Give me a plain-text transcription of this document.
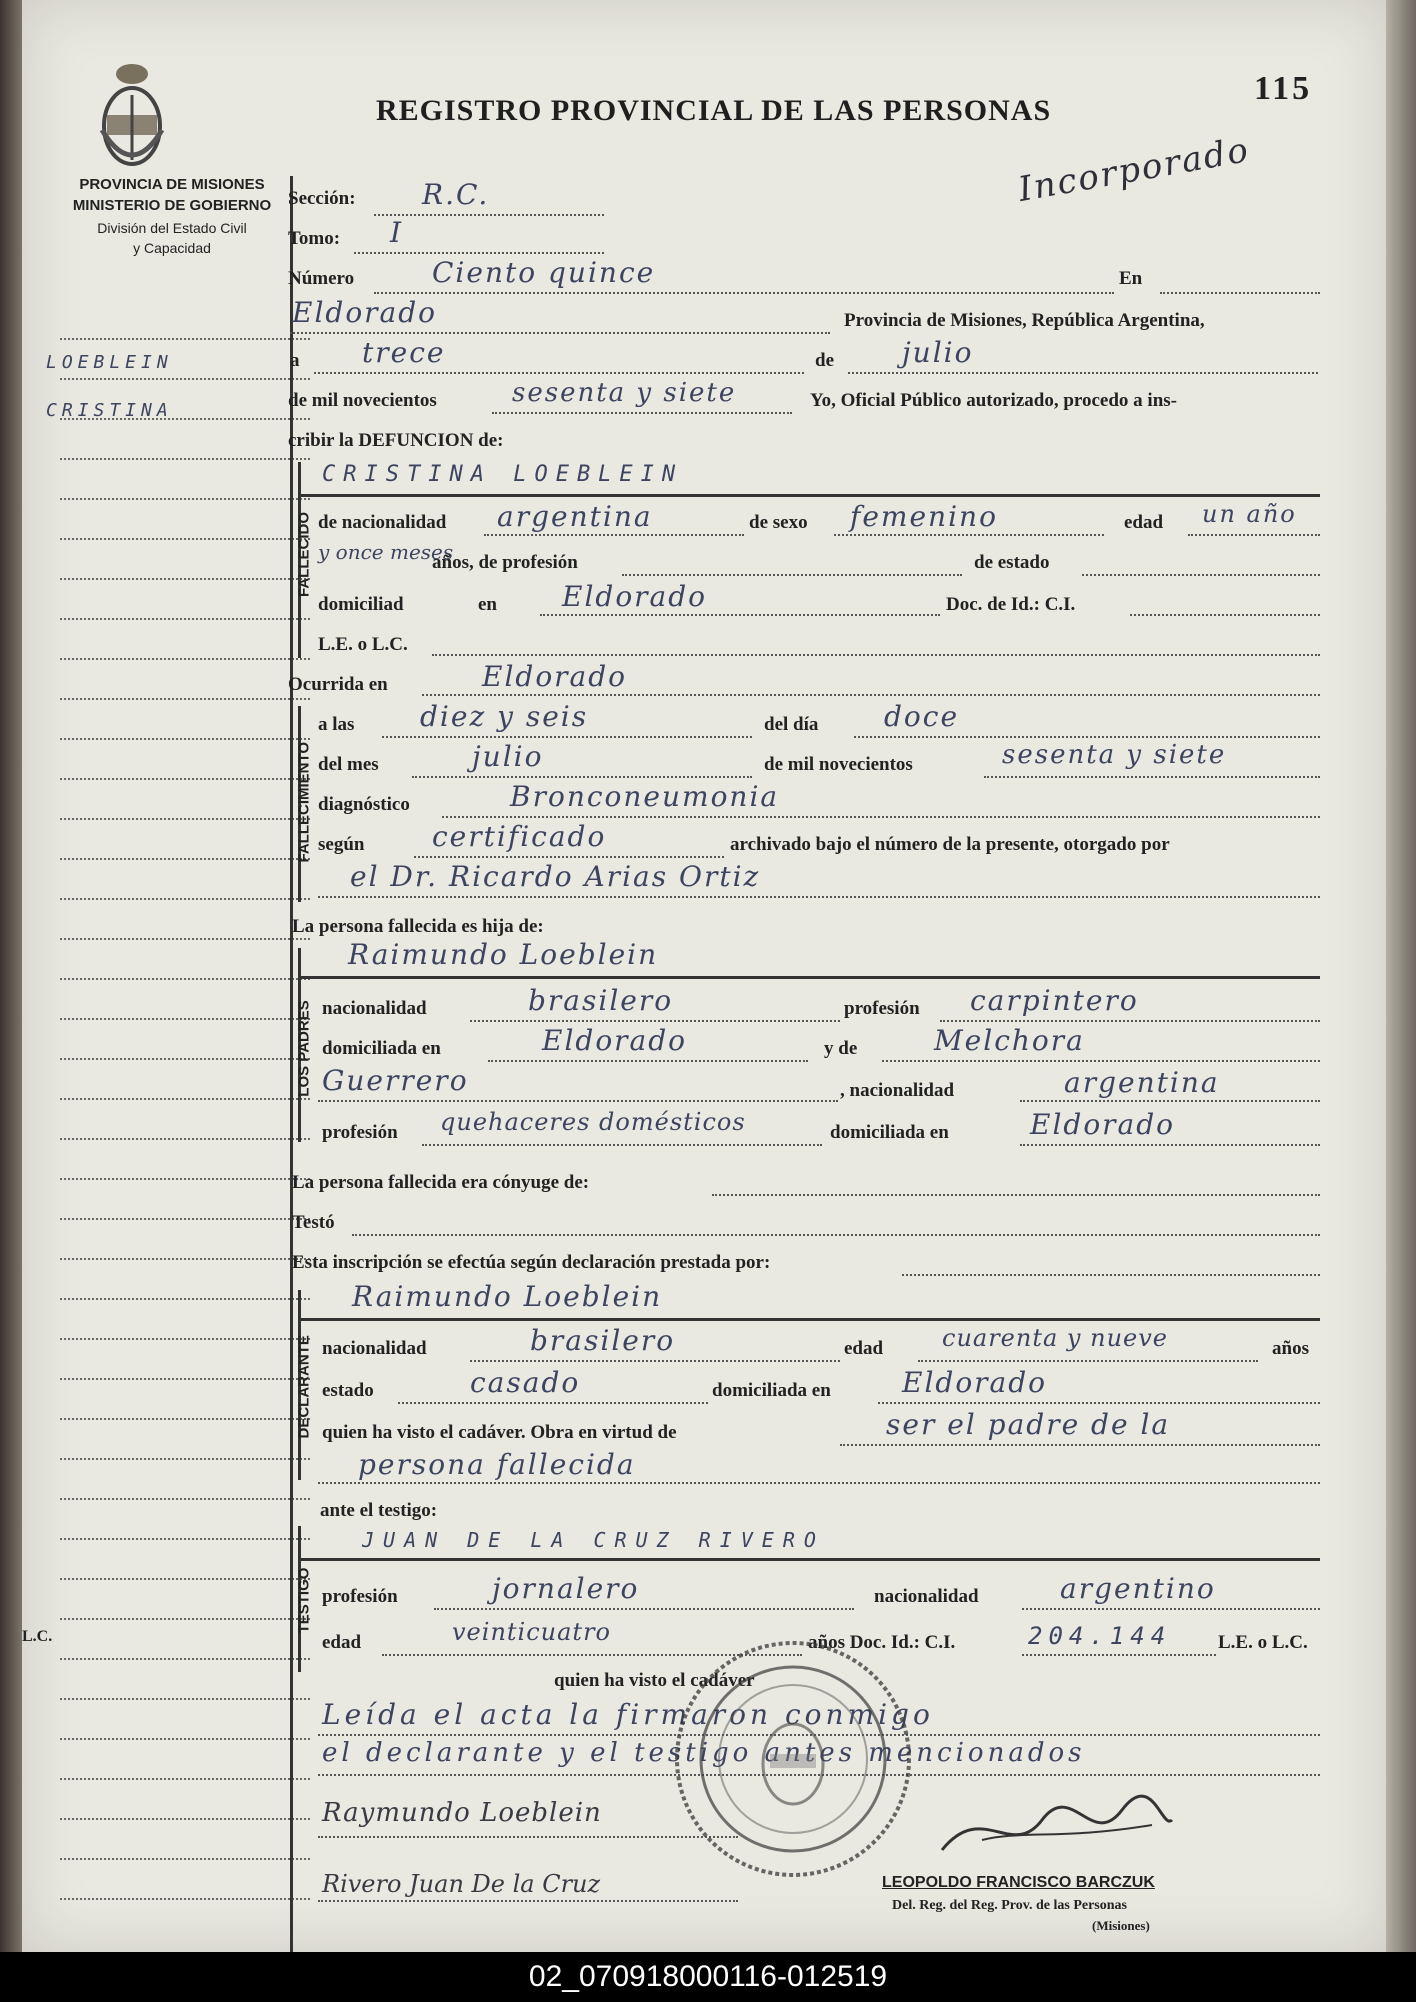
REGISTRO PROVINCIAL DE LAS PERSONAS
115
Incorporado
PROVINCIA DE MISIONES
MINISTERIO DE GOBIERNO
División del Estado Civil
y Capacidad
LOEBLEIN
CRISTINA
L.C.
Sección: R.C.
Tomo: I
Número	Ciento quince	En
Eldorado	Provincia de Misiones, República Argentina,
a trece	de julio
de mil novecientos	sesenta y siete	Yo, Oficial Público autorizado, procedo a ins-
cribir la DEFUNCION de:
FALLECIDO
CRISTINA LOEBLEIN
de nacionalidad argentina	de sexo femenino	edad un año
y once meses
años, de profesión	de estado
domiciliad	en Eldorado	Doc. de Id.: C.I.
L.E. o L.C.
Ocurrida en	Eldorado
FALLECIMIENTO
a las diez y seis	del día doce
del mes	julio	de mil novecientos	sesenta y siete
diagnóstico	Bronconeumonia
según certificado	archivado bajo el número de la presente, otorgado por
el Dr. Ricardo Arias Ortiz
La persona fallecida es hija de:
LOS PADRES
Raimundo Loeblein
nacionalidad	brasilero	profesión carpintero
domiciliada en	Eldorado	y de	Melchora
Guerrero	, nacionalidad	argentina
profesión quehaceres domésticos	domiciliada en	Eldorado
La persona fallecida era cónyuge de:
Testó
Esta inscripción se efectúa según declaración prestada por:
DECLARANTE
Raimundo Loeblein
nacionalidad	brasilero	edad cuarenta y nueve	años
estado	casado	domiciliada en	Eldorado
quien ha visto el cadáver. Obra en virtud de	ser el padre de la
persona fallecida
ante el testigo:
TESTIGO
JUAN DE LA CRUZ RIVERO
profesión	jornalero	nacionalidad	argentino
edad	veinticuatro	años Doc. Id.: C.I.	204.144 L.E. o L.C.
quien ha visto el cadáver
Leída el acta la firmaron conmigo
el declarante y el testigo antes mencionados
Raymundo Loeblein
Rivero Juan De la Cruz	LEOPOLDO FRANCISCO BARCZUK
Del. Reg. del Reg. Prov. de las Personas
(Misiones)
02_070918000116-012519
